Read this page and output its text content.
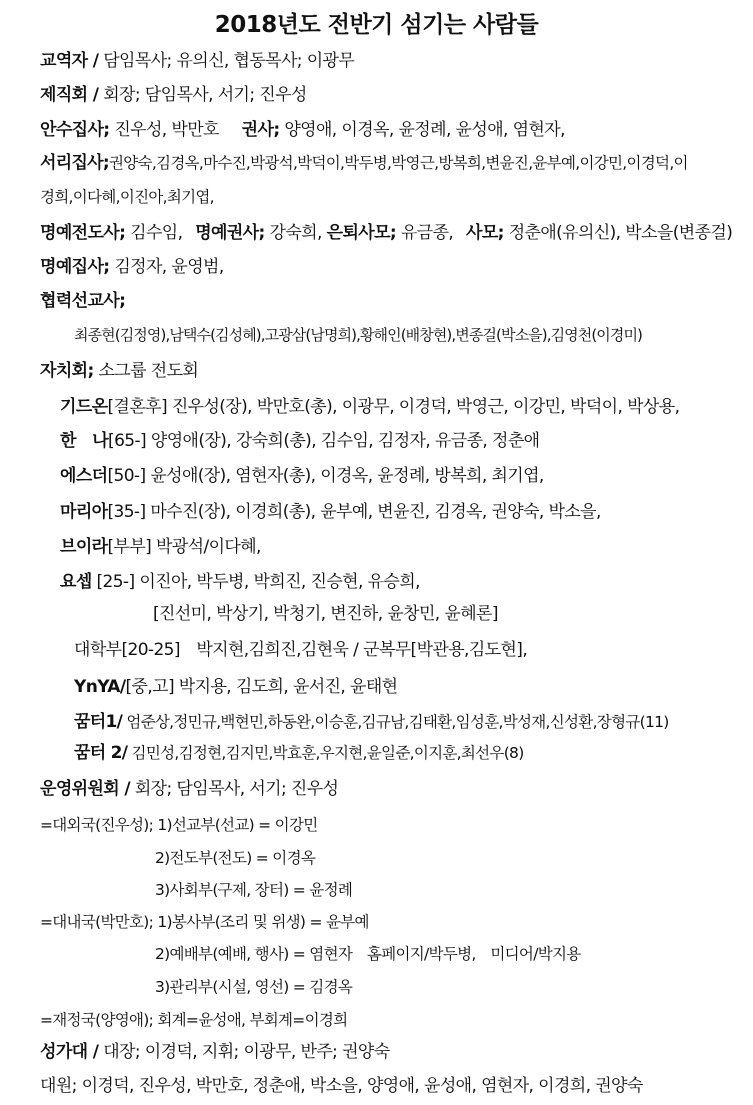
2018년도 전반기 섬기는 사람들
교역자 / 담임목사; 유의신, 협동목사; 이광무
제직회 / 회장; 담임목사, 서기; 진우성
안수집사; 진우성, 박만호 권사; 양영애, 이경옥, 윤정례, 윤성애, 염현자,
서리집사;권양숙,김경옥,마수진,박광석,박덕이,박두병,박영근,방복희,변윤진,윤부예,이강민,이경덕,이
경희,이다혜,이진아,최기엽,
명예전도사; 김수임, 명예권사; 강숙희, 은퇴사모; 유금종, 사모; 정춘애(유의신), 박소을(변종걸)
명예집사; 김정자, 윤영범,
협력선교사;
최종현(김정영),남택수(김성혜),고광삼(남명희),황해인(배창현),변종걸(박소을),김영천(이경미)
자치회; 소그룹 전도회
기드온[결혼후] 진우성(장), 박만호(총), 이광무, 이경덕, 박영근, 이강민, 박덕이, 박상용,
한　나[65-] 양영애(장), 강숙희(총), 김수임, 김정자, 유금종, 정춘애
에스더[50-] 윤성애(장), 염현자(총), 이경옥, 윤정례, 방복희, 최기엽,
마리아[35-] 마수진(장), 이경희(총), 윤부예, 변윤진, 김경옥, 권양숙, 박소을,
브이라[부부] 박광석/이다혜,
요셉 [25-] 이진아, 박두병, 박희진, 진승현, 유승희,
[진선미, 박상기, 박청기, 변진하, 윤창민, 윤혜론]
대학부[20-25]　박지현,김희진,김현욱 / 군복무[박관용,김도현],
YnYA/[중,고] 박지용, 김도희, 윤서진, 윤태현
꿈터1/ 엄준상,정민규,백현민,하동완,이승훈,김규남,김태환,임성훈,박성재,신성환,장형규(11)
꿈터 2/ 김민성,김정현,김지민,박효훈,우지현,윤일준,이지훈,최선우(8)
운영위원회 / 회장; 담임목사, 서기; 진우성
=대외국(진우성); 1)선교부(선교) = 이강민
2)전도부(전도) = 이경옥
3)사회부(구제, 장터) = 윤정례
=대내국(박만호); 1)봉사부(조리 및 위생) = 윤부예
2)예배부(예배, 행사) = 염현자　홈페이지/박두병,　미디어/박지용
3)관리부(시설, 영선) = 김경옥
=재정국(양영애); 회계=윤성애, 부회계=이경희
성가대 / 대장; 이경덕, 지휘; 이광무, 반주; 권양숙
대원; 이경덕, 진우성, 박만호, 정춘애, 박소을, 양영애, 윤성애, 염현자, 이경희, 권양숙
